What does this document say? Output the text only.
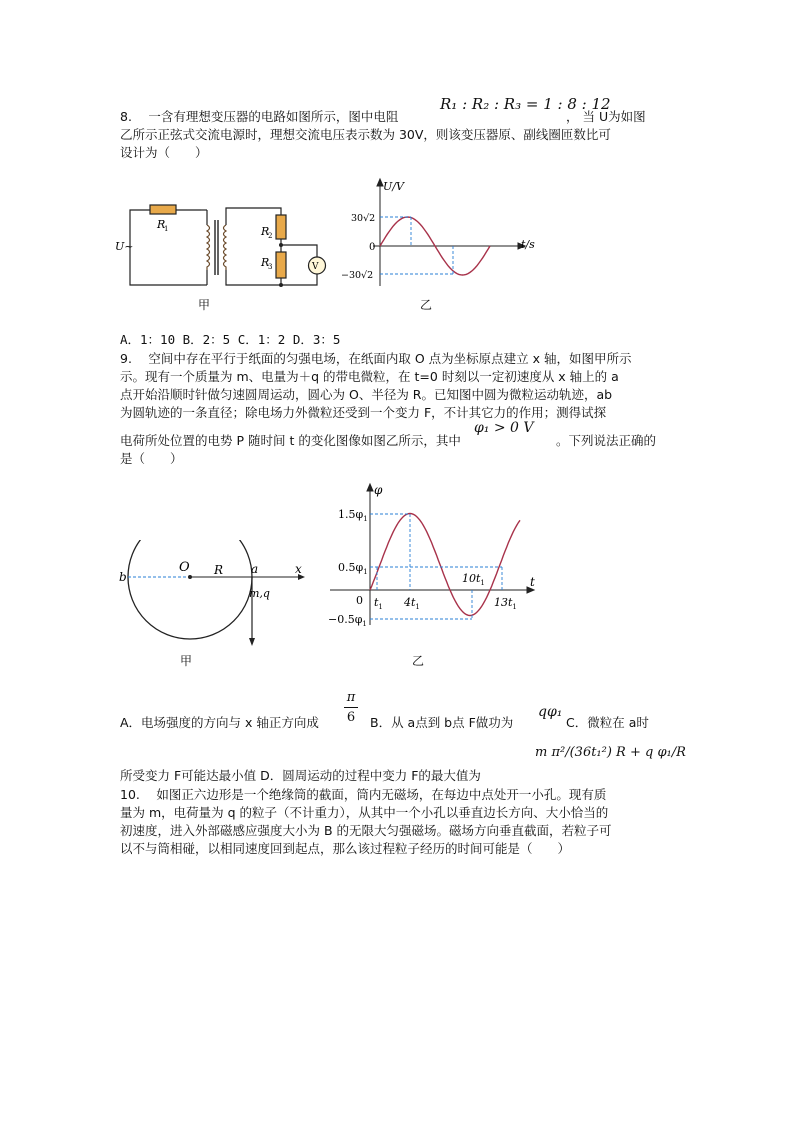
8.　 一含有理想变压器的电路如图所示，图中电阻
R₁ : R₂ : R₃ = 1 : 8 : 12
， 当 U为如图
乙所示正弦式交流电源时，理想交流电压表示数为 30V，则该变压器原、副线圈匝数比可
设计为（　　）
R
1	R
2
R
3
U~
V
甲
U/V
t/s
0
30√2
−30√2
乙
A．1：10 B．2：5 C．1：2 D．3：5
9.　 空间中存在平行于纸面的匀强电场，在纸面内取 O 点为坐标原点建立 x 轴，如图甲所示
示。现有一个质量为 m、电量为＋q 的带电微粒，在 t=0 时刻以一定初速度从 x 轴上的 a
点开始沿顺时针做匀速圆周运动，圆心为 O、半径为 R。已知图中圆为微粒运动轨迹，ab
为圆轨迹的一条直径；除电场力外微粒还受到一个变力 F，不计其它力的作用；测得试探
电荷所处位置的电势 P 随时间 t 的变化图像如图乙所示，其中
φ₁ > 0 V
。下列说法正确的
是（　　）
b
O R a	x
m,q
甲
φ
t
0
$1.5\varphi_1$
$0.5\varphi_1$
$-0.5\varphi_1$
$t_1$ $4t_1$
$10t_1$
$13t_1$
乙
A．电场强度的方向与 x 轴正方向成
π
6 B．从 a点到 b点 F做功为
qφ₁
C．微粒在 a时
m π²/(36t₁²) R + q φ₁/R
所受变力 F可能达最小值 D．圆周运动的过程中变力 F的最大值为
10.　 如图正六边形是一个绝缘筒的截面，筒内无磁场，在每边中点处开一小孔。现有质
量为 m，电荷量为 q 的粒子（不计重力），从其中一个小孔以垂直边长方向、大小恰当的
初速度，进入外部磁感应强度大小为 B 的无限大匀强磁场。磁场方向垂直截面，若粒子可
以不与筒相碰，以相同速度回到起点，那么该过程粒子经历的时间可能是（　　）
